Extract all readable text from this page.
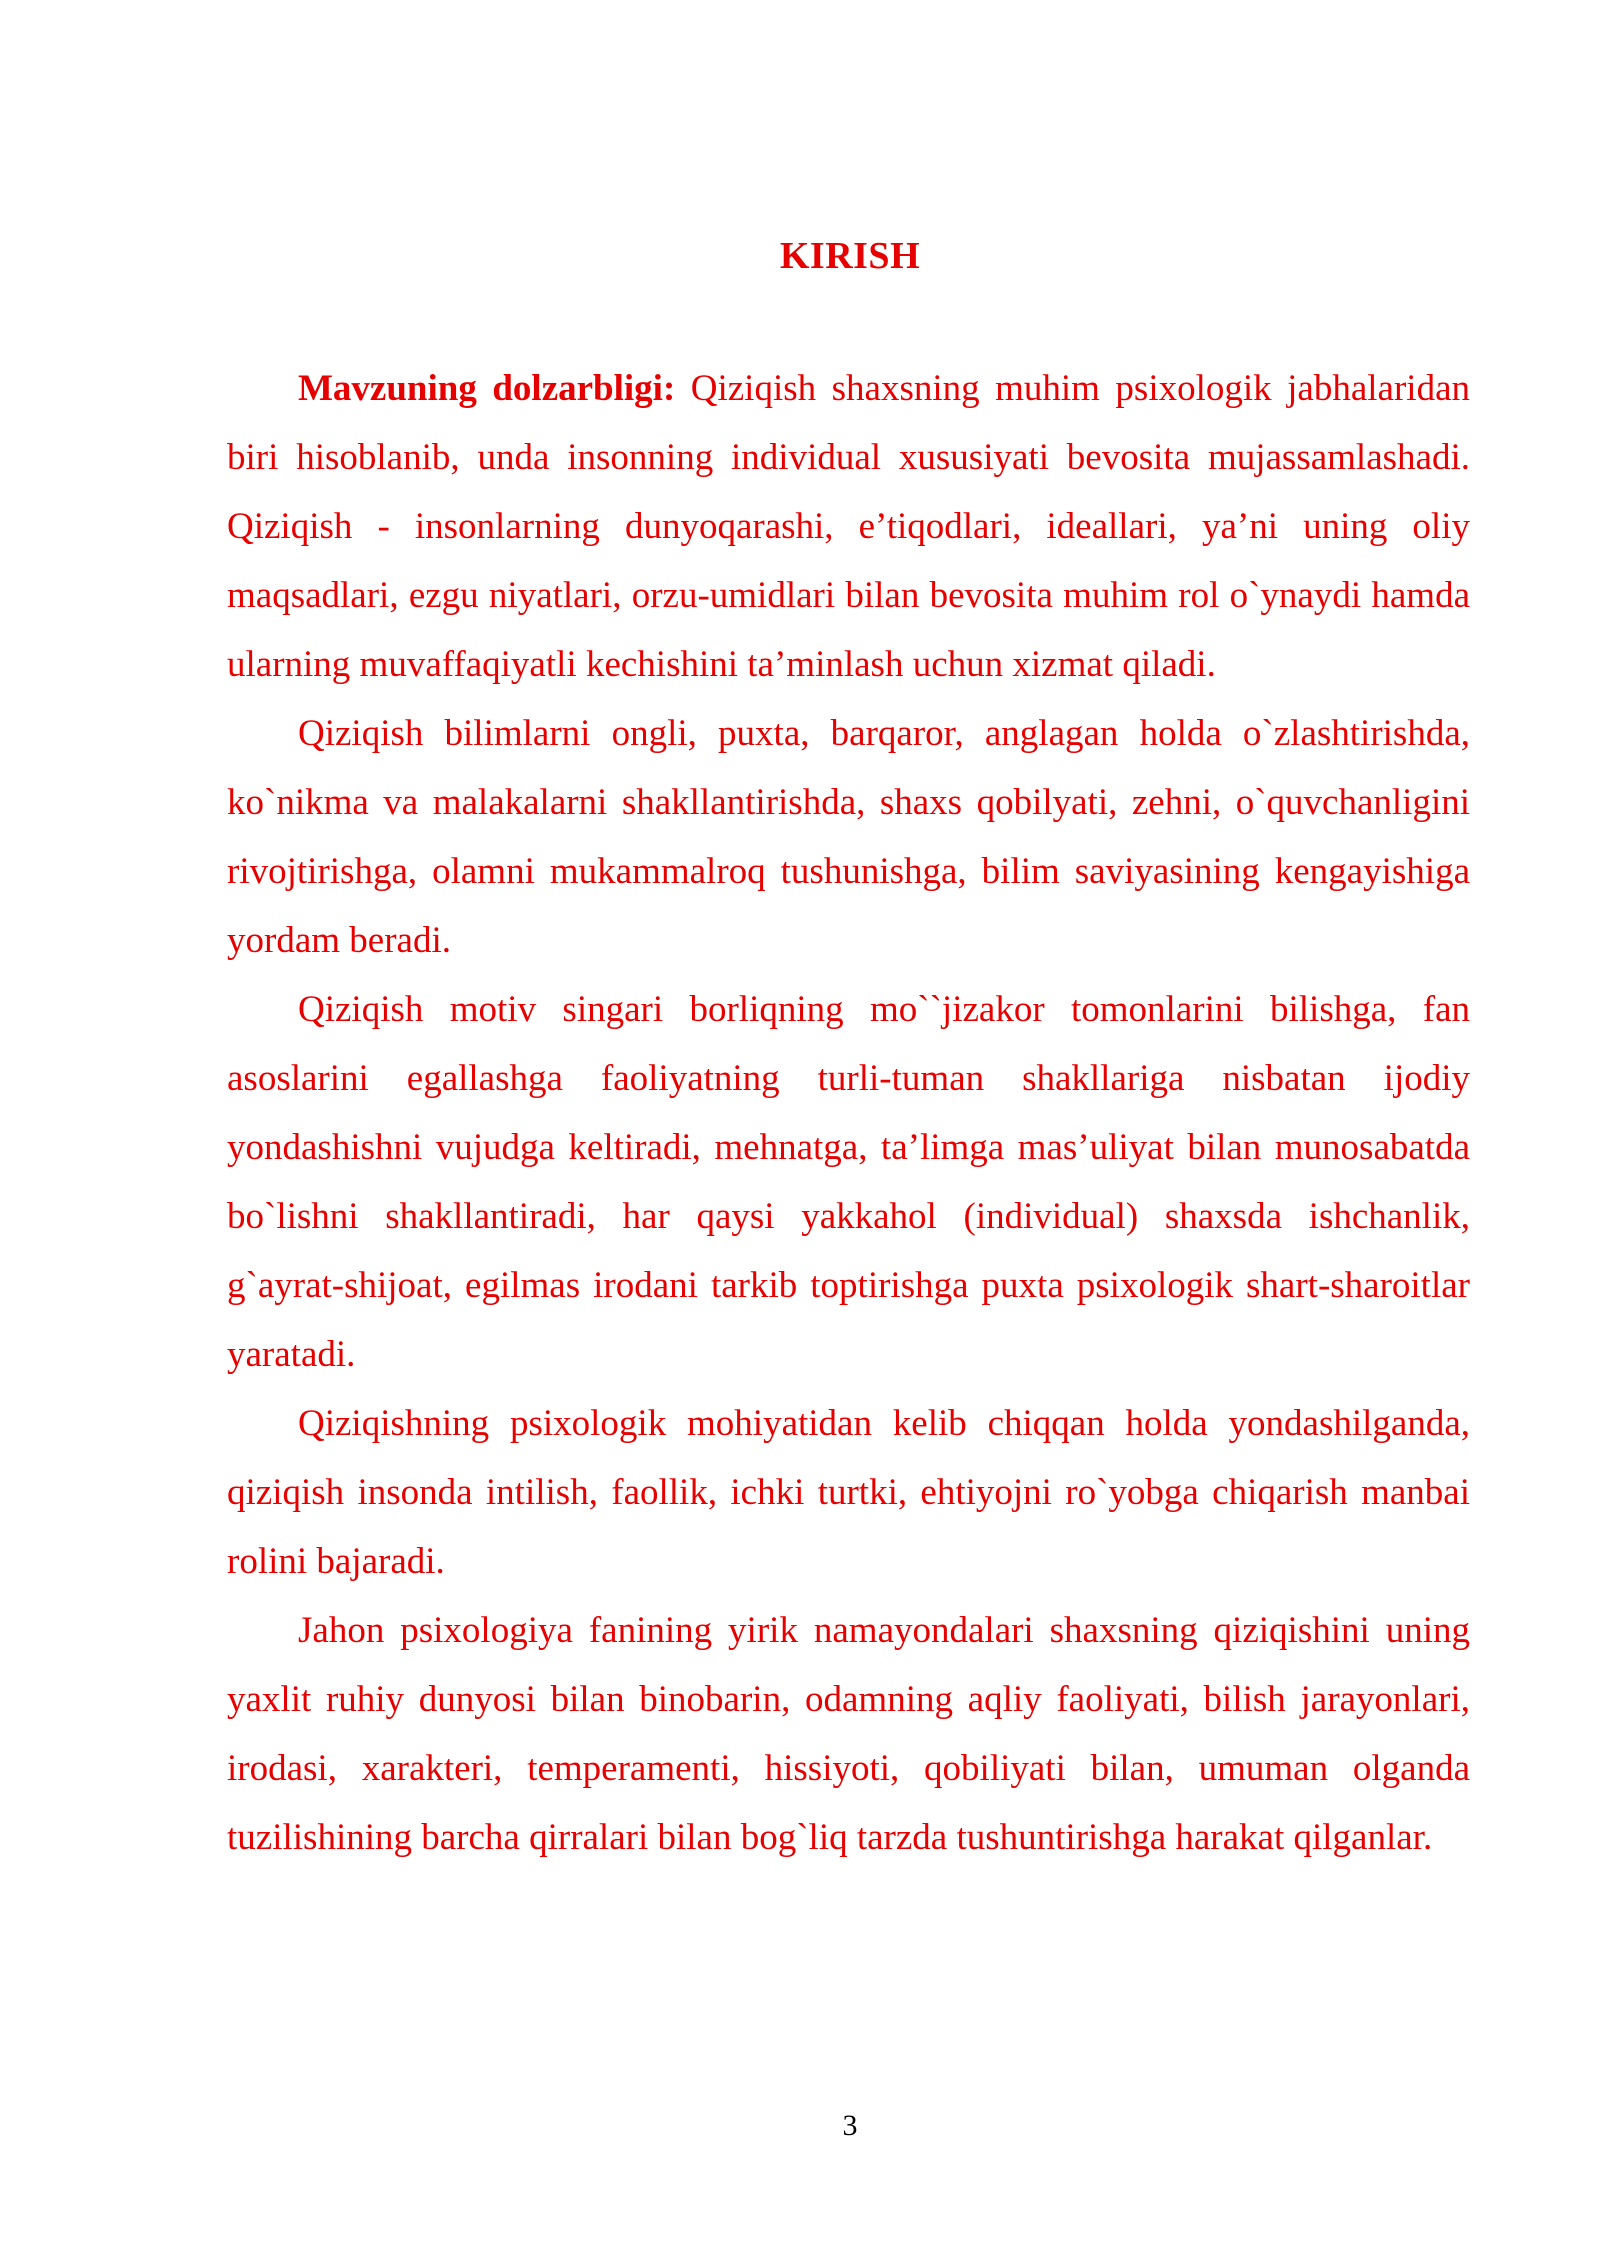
KIRISH

Mavzuning dolzarbligi: Qiziqish shaxsning muhim psixologik jabhalaridan biri hisoblanib, unda insonning individual xususiyati bevosita mujassamlashadi. Qiziqish - insonlarning dunyoqarashi, e’tiqodlari, ideallari, ya’ni uning oliy maqsadlari, ezgu niyatlari, orzu-umidlari bilan bevosita muhim rol o`ynaydi hamda ularning muvaffaqiyatli kechishini ta’minlash uchun xizmat qiladi.

Qiziqish bilimlarni ongli, puxta, barqaror, anglagan holda o`zlashtirishda, ko`nikma va malakalarni shakllantirishda, shaxs qobilyati, zehni, o`quvchanligini rivojtirishga, olamni mukammalroq tushunishga, bilim saviyasining kengayishiga yordam beradi.

Qiziqish motiv singari borliqning mo``jizakor tomonlarini bilishga, fan asoslarini egallashga faoliyatning turli-tuman shakllariga nisbatan ijodiy yondashishni vujudga keltiradi, mehnatga, ta’limga mas’uliyat bilan munosabatda bo`lishni shakllantiradi, har qaysi yakkahol (individual) shaxsda ishchanlik, g`ayrat-shijoat, egilmas irodani tarkib toptirishga puxta psixologik shart-sharoitlar yaratadi.

Qiziqishning psixologik mohiyatidan kelib chiqqan holda yondashilganda, qiziqish insonda intilish, faollik, ichki turtki, ehtiyojni ro`yobga chiqarish manbai rolini bajaradi.

Jahon psixologiya fanining yirik namayondalari shaxsning qiziqishini uning yaxlit ruhiy dunyosi bilan binobarin, odamning aqliy faoliyati, bilish jarayonlari, irodasi, xarakteri, temperamenti, hissiyoti, qobiliyati bilan, umuman olganda tuzilishining barcha qirralari bilan bog`liq tarzda tushuntirishga harakat qilganlar.

3
